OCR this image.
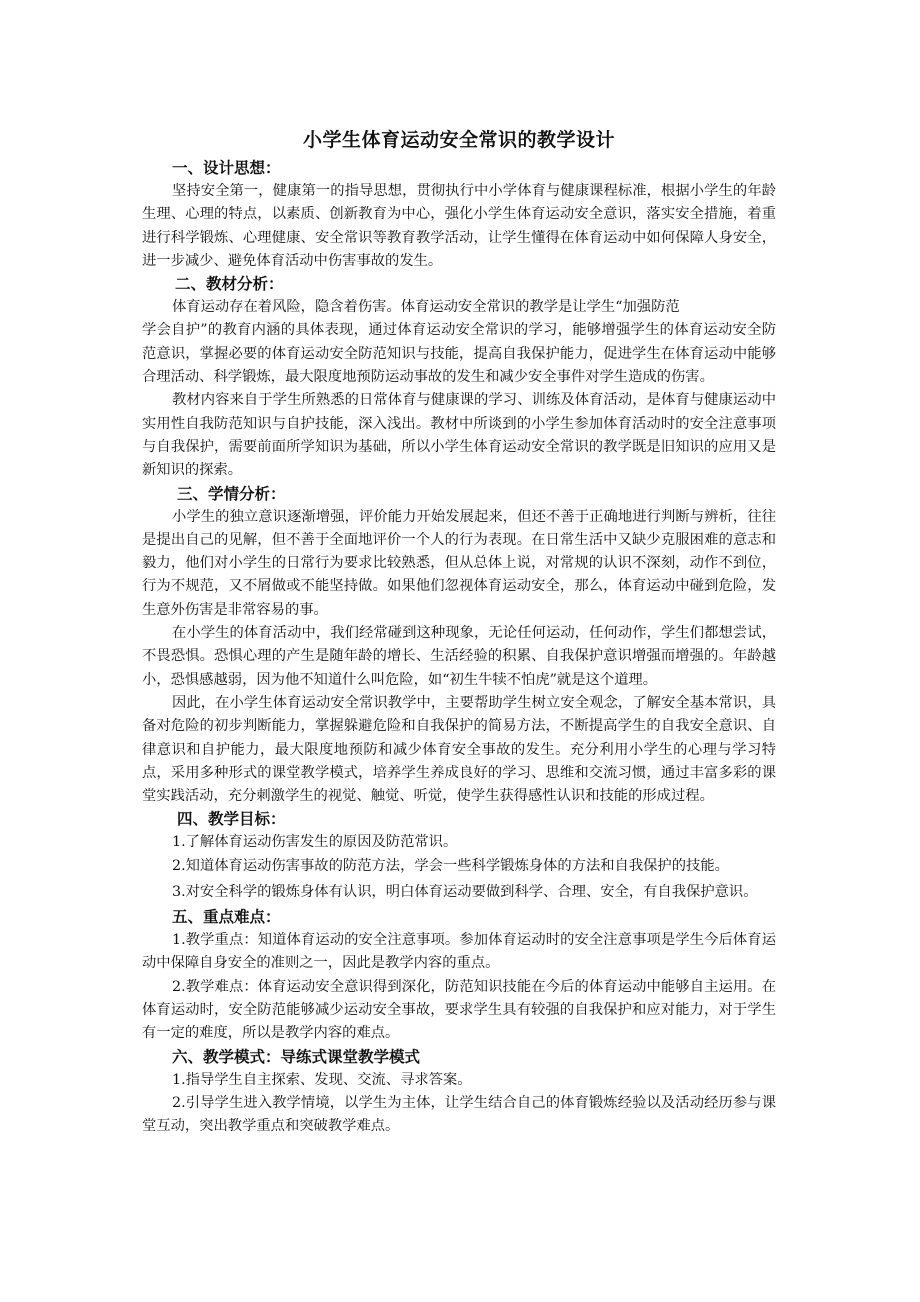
小学生体育运动安全常识的教学设计
一、设计思想：

坚持安全第一，健康第一的指导思想，贯彻执行中小学体育与健康课程标准，根据小学生的年龄生理、心理的特点，以素质、创新教育为中心，强化小学生体育运动安全意识，落实安全措施，着重进行科学锻炼、心理健康、安全常识等教育教学活动，让学生懂得在体育运动中如何保障人身安全，进一步减少、避免体育活动中伤害事故的发生。

二、教材分析：

体育运动存在着风险，隐含着伤害。体育运动安全常识的教学是让学生“加强防范

学会自护”的教育内涵的具体表现，通过体育运动安全常识的学习，能够增强学生的体育运动安全防范意识，掌握必要的体育运动安全防范知识与技能，提高自我保护能力，促进学生在体育运动中能够合理活动、科学锻炼，最大限度地预防运动事故的发生和减少安全事件对学生造成的伤害。

教材内容来自于学生所熟悉的日常体育与健康课的学习、训练及体育活动，是体育与健康运动中实用性自我防范知识与自护技能，深入浅出。教材中所谈到的小学生参加体育活动时的安全注意事项与自我保护，需要前面所学知识为基础，所以小学生体育运动安全常识的教学既是旧知识的应用又是新知识的探索。

三、学情分析：

小学生的独立意识逐渐增强，评价能力开始发展起来，但还不善于正确地进行判断与辨析，往往是提出自己的见解，但不善于全面地评价一个人的行为表现。在日常生活中又缺少克服困难的意志和毅力，他们对小学生的日常行为要求比较熟悉，但从总体上说，对常规的认识不深刻，动作不到位，行为不规范，又不屑做或不能坚持做。如果他们忽视体育运动安全，那么，体育运动中碰到危险，发生意外伤害是非常容易的事。

在小学生的体育活动中，我们经常碰到这种现象，无论任何运动，任何动作，学生们都想尝试，不畏恐惧。恐惧心理的产生是随年龄的增长、生活经验的积累、自我保护意识增强而增强的。年龄越小，恐惧感越弱，因为他不知道什么叫危险，如“初生牛犊不怕虎”就是这个道理。

因此，在小学生体育运动安全常识教学中，主要帮助学生树立安全观念，了解安全基本常识，具备对危险的初步判断能力，掌握躲避危险和自我保护的简易方法，不断提高学生的自我安全意识、自律意识和自护能力，最大限度地预防和减少体育安全事故的发生。充分利用小学生的心理与学习特点，采用多种形式的课堂教学模式，培养学生养成良好的学习、思维和交流习惯，通过丰富多彩的课堂实践活动，充分刺激学生的视觉、触觉、听觉，使学生获得感性认识和技能的形成过程。

四、教学目标：

1.了解体育运动伤害发生的原因及防范常识。

2.知道体育运动伤害事故的防范方法，学会一些科学锻炼身体的方法和自我保护的技能。

3.对安全科学的锻炼身体有认识，明白体育运动要做到科学、合理、安全，有自我保护意识。

五、重点难点：

1.教学重点：知道体育运动的安全注意事项。参加体育运动时的安全注意事项是学生今后体育运动中保障自身安全的准则之一，因此是教学内容的重点。

2.教学难点：体育运动安全意识得到深化，防范知识技能在今后的体育运动中能够自主运用。在体育运动时，安全防范能够减少运动安全事故，要求学生具有较强的自我保护和应对能力，对于学生有一定的难度，所以是教学内容的难点。

六、教学模式：导练式课堂教学模式

1.指导学生自主探索、发现、交流、寻求答案。

2.引导学生进入教学情境，以学生为主体，让学生结合自己的体育锻炼经验以及活动经历参与课堂互动，突出教学重点和突破教学难点。
